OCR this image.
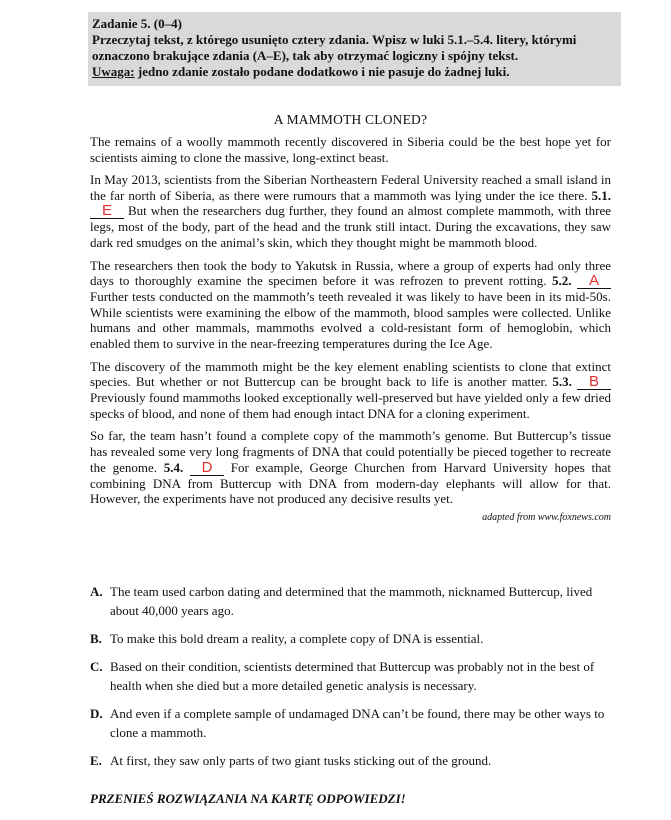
Zadanie 5. (0–4)
Przeczytaj tekst, z którego usunięto cztery zdania. Wpisz w luki 5.1.–5.4. litery, którymi
oznaczono brakujące zdania (A–E), tak aby otrzymać logiczny i spójny tekst.
Uwaga: jedno zdanie zostało podane dodatkowo i nie pasuje do żadnej luki.
A MAMMOTH CLONED?

The remains of a woolly mammoth recently discovered in Siberia could be the best hope yet for scientists aiming to clone the massive, long-extinct beast.

In May 2013, scientists from the Siberian Northeastern Federal University reached a small island in the far north of Siberia, as there were rumours that a mammoth was lying under the ice there. 5.1. E But when the researchers dug further, they found an almost complete mammoth, with three legs, most of the body, part of the head and the trunk still intact. During the excavations, they saw dark red smudges on the animal’s skin, which they thought might be mammoth blood.

The researchers then took the body to Yakutsk in Russia, where a group of experts had only three days to thoroughly examine the specimen before it was refrozen to prevent rotting. 5.2. A Further tests conducted on the mammoth’s teeth revealed it was likely to have been in its mid-50s. While scientists were examining the elbow of the mammoth, blood samples were collected. Unlike humans and other mammals, mammoths evolved a cold-resistant form of hemoglobin, which enabled them to survive in the near-freezing temperatures during the Ice Age.

The discovery of the mammoth might be the key element enabling scientists to clone that extinct species. But whether or not Buttercup can be brought back to life is another matter. 5.3. B Previously found mammoths looked exceptionally well-preserved but have yielded only a few dried specks of blood, and none of them had enough intact DNA for a cloning experiment.

So far, the team hasn’t found a complete copy of the mammoth’s genome. But Buttercup’s tissue has revealed some very long fragments of DNA that could potentially be pieced together to recreate the genome. 5.4. D For example, George Churchen from Harvard University hopes that combining DNA from Buttercup with DNA from modern-day elephants will allow for that. However, the experiments have not produced any decisive results yet.

adapted from www.foxnews.com
A. The team used carbon dating and determined that the mammoth, nicknamed Buttercup, lived about 40,000 years ago.
B. To make this bold dream a reality, a complete copy of DNA is essential.
C. Based on their condition, scientists determined that Buttercup was probably not in the best of health when she died but a more detailed genetic analysis is necessary.
D. And even if a complete sample of undamaged DNA can’t be found, there may be other ways to clone a mammoth.
E. At first, they saw only parts of two giant tusks sticking out of the ground.
PRZENIEŚ ROZWIĄZANIA NA KARTĘ ODPOWIEDZI!
